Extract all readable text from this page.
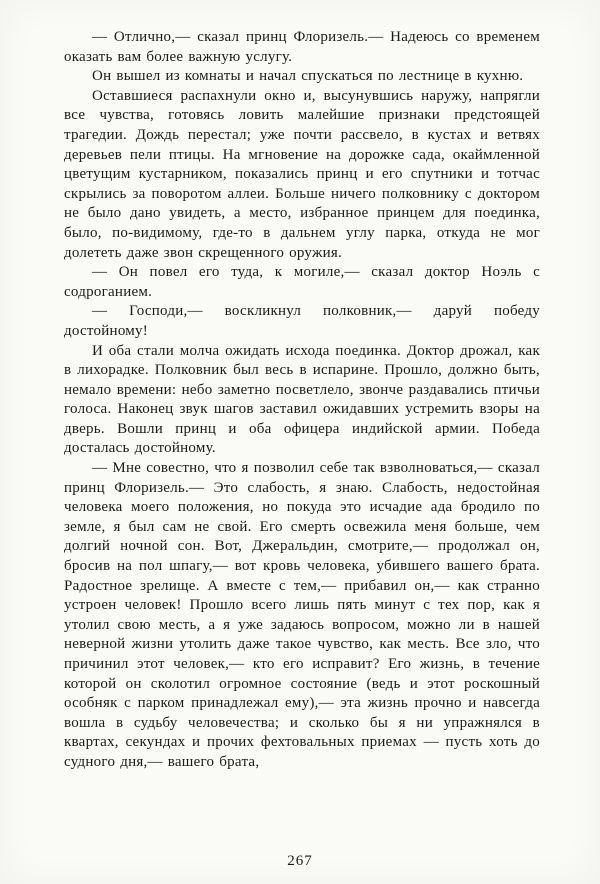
— Отлично,— сказал принц Флоризель.— Надеюсь со временем оказать вам более важную услугу.

Он вышел из комнаты и начал спускаться по лестнице в кухню.

Оставшиеся распахнули окно и, высунувшись наружу, напрягли все чувства, готовясь ловить малейшие признаки предстоящей трагедии. Дождь перестал; уже почти рассвело, в кустах и ветвях деревьев пели птицы. На мгновение на дорожке сада, окаймленной цветущим кустарником, показались принц и его спутники и тотчас скрылись за поворотом аллеи. Больше ничего полковнику с доктором не было дано увидеть, а место, избранное принцем для поединка, было, по-видимому, где-то в дальнем углу парка, откуда не мог долететь даже звон скрещенного оружия.

— Он повел его туда, к могиле,— сказал доктор Ноэль с содроганием.

— Господи,— воскликнул полковник,— даруй победу достойному!

И оба стали молча ожидать исхода поединка. Доктор дрожал, как в лихорадке. Полковник был весь в испарине. Прошло, должно быть, немало времени: небо заметно посветлело, звонче раздавались птичьи голоса. Наконец звук шагов заставил ожидавших устремить взоры на дверь. Вошли принц и оба офицера индийской армии. Победа досталась достойному.

— Мне совестно, что я позволил себе так взволноваться,— сказал принц Флоризель.— Это слабость, я знаю. Слабость, недостойная человека моего положения, но покуда это исчадие ада бродило по земле, я был сам не свой. Его смерть освежила меня больше, чем долгий ночной сон. Вот, Джеральдин, смотрите,— продолжал он, бросив на пол шпагу,— вот кровь человека, убившего вашего брата. Радостное зрелище. А вместе с тем,— прибавил он,— как странно устроен человек! Прошло всего лишь пять минут с тех пор, как я утолил свою месть, а я уже задаюсь вопросом, можно ли в нашей неверной жизни утолить даже такое чувство, как месть. Все зло, что причинил этот человек,— кто его исправит? Его жизнь, в течение которой он сколотил огромное состояние (ведь и этот роскошный особняк с парком принадлежал ему),— эта жизнь прочно и навсегда вошла в судьбу человечества; и сколько бы я ни упражнялся в квартах, секундах и прочих фехтовальных приемах — пусть хоть до судного дня,— вашего брата,

267
